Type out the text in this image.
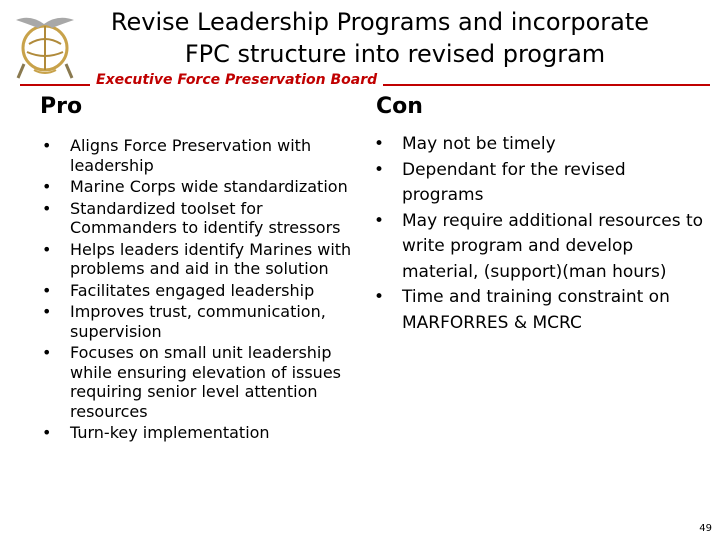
Revise Leadership Programs and incorporate
FPC structure into revised program
Executive Force Preservation Board
Pro	Con
• Aligns Force Preservation with leadership
• Marine Corps wide standardization
• Standardized toolset for Commanders to identify stressors
• Helps leaders identify Marines with problems and aid in the solution
• Facilitates engaged leadership
• Improves trust, communication, supervision
• Focuses on small unit leadership while ensuring elevation of issues requiring senior level attention resources
• Turn-key implementation
• May not be timely
• Dependant for the revised programs
• May require additional resources to write program and develop material, (support)(man hours)
• Time and training constraint on MARFORRES & MCRC
49
